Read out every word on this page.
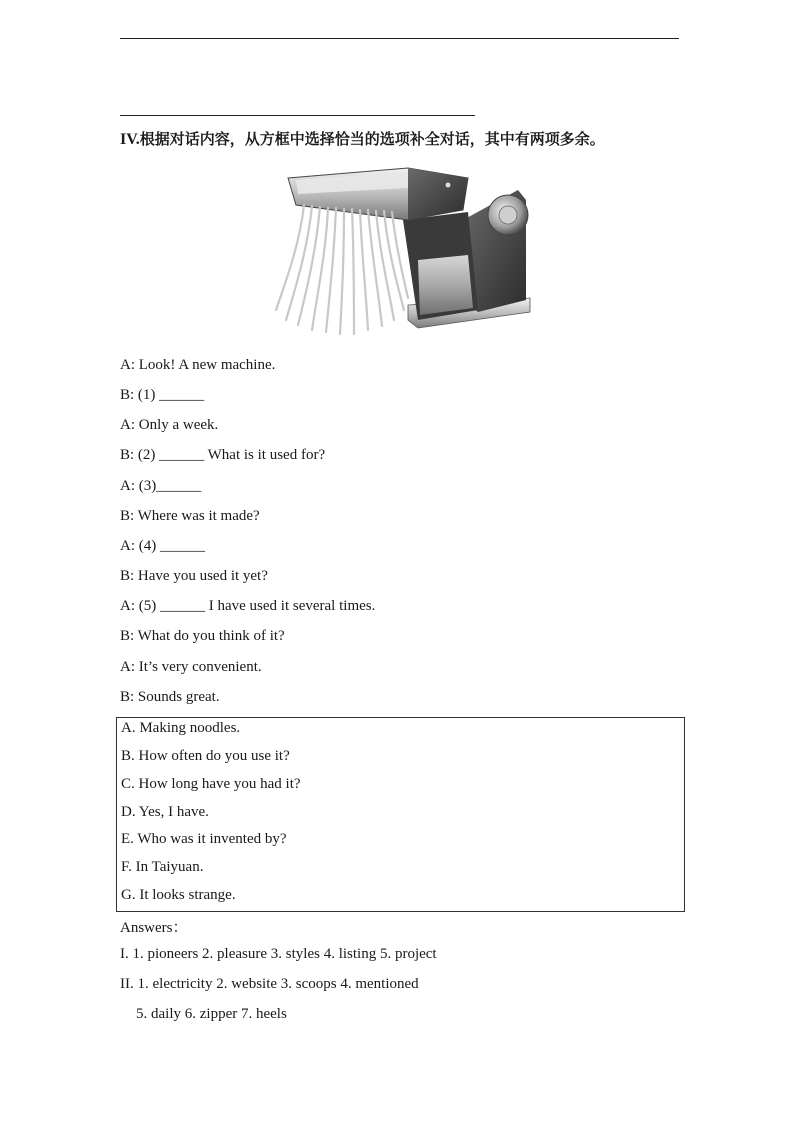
IV.根据对话内容，从方框中选择恰当的选项补全对话，其中有两项多余。
A: Look! A new machine.
B: (1) ______
A: Only a week.
B: (2) ______ What is it used for?
A: (3)______
B: Where was it made?
A: (4) ______
B: Have you used it yet?
A: (5) ______ I have used it several times.
B: What do you think of it?
A: It’s very convenient.
B: Sounds great.
A. Making noodles.
B. How often do you use it?
C. How long have you had it?
D. Yes, I have.
E. Who was it invented by?
F. In Taiyuan.
G. It looks strange.
Answers：
I. 1. pioneers 2. pleasure 3. styles 4. listing 5. project
II. 1. electricity 2. website 3. scoops 4. mentioned
5. daily 6. zipper 7. heels
